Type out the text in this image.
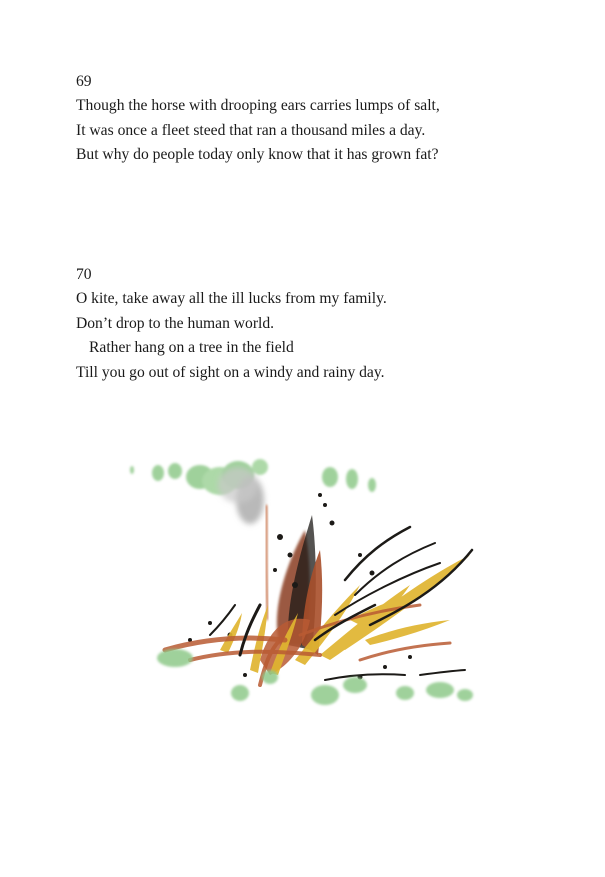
69
Though the horse with drooping ears carries lumps of salt,
It was once a fleet steed that ran a thousand miles a day.
But why do people today only know that it has grown fat?
70
O kite, take away all the ill lucks from my family.
Don’t drop to the human world.
Rather hang on a tree in the field
Till you go out of sight on a windy and rainy day.
